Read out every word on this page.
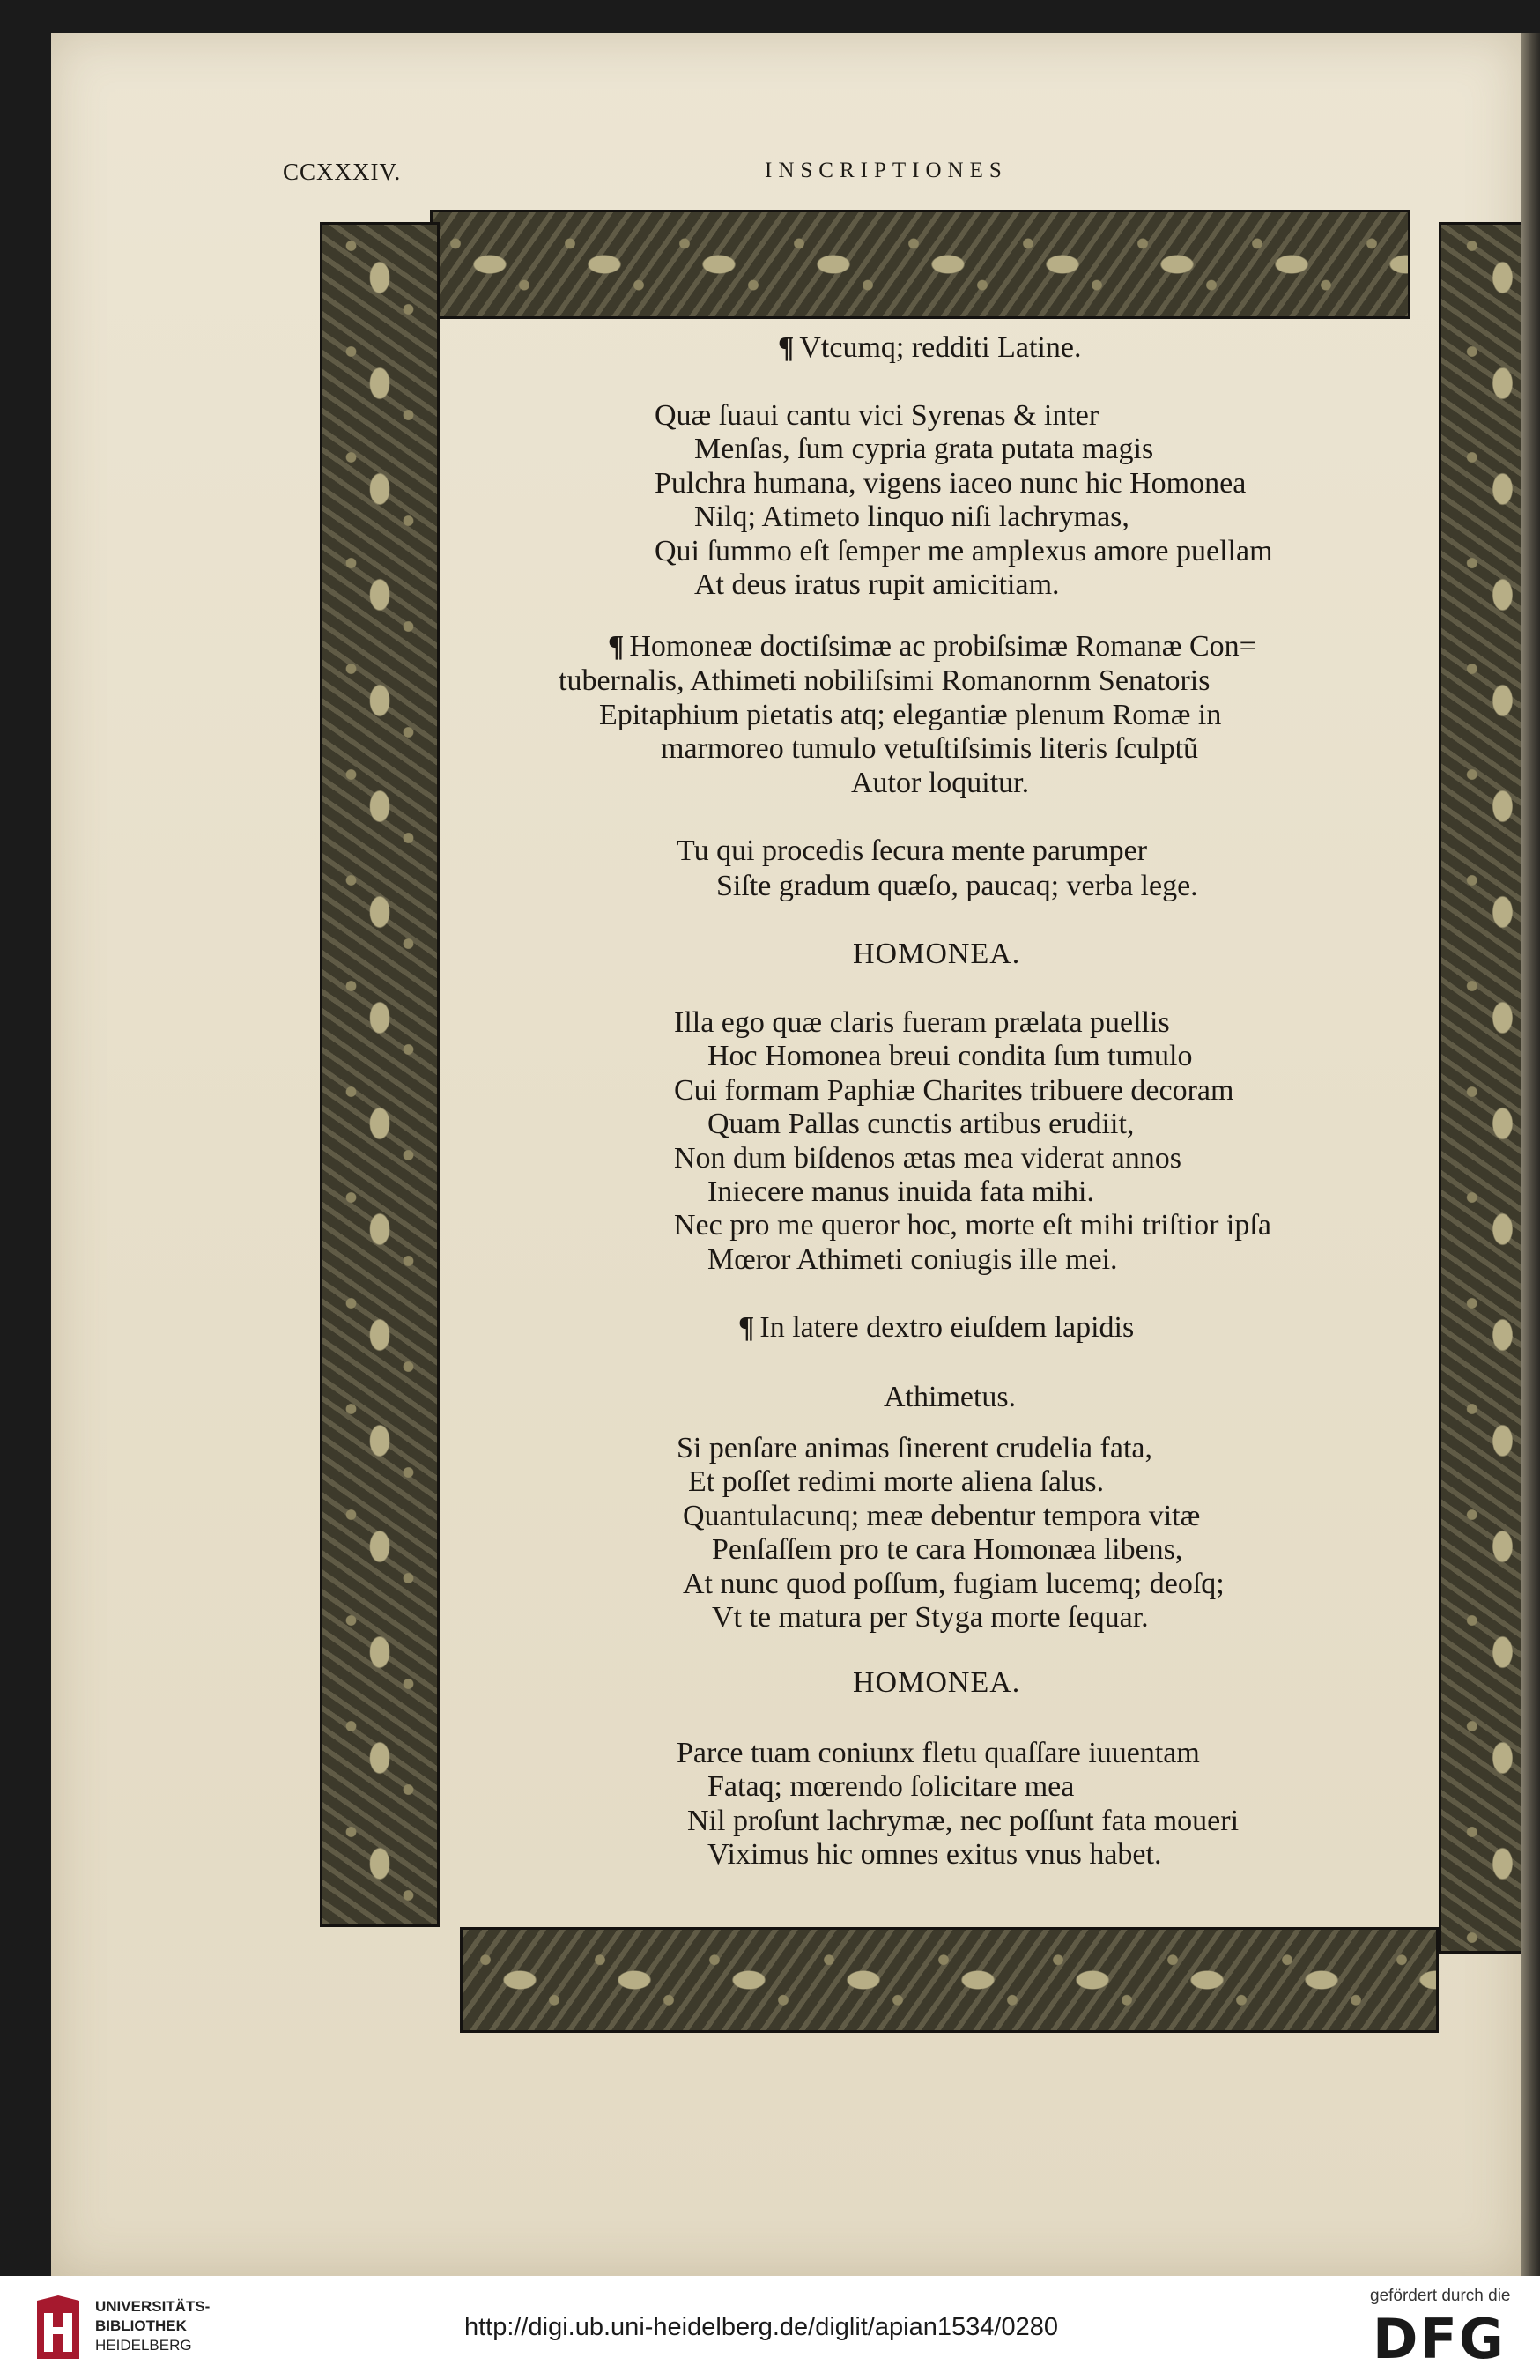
CCXXXIV.	INSCRIPTIONES
¶ Vtcumq; redditi Latine.
Quæ ſuaui cantu vici Syrenas & inter
Menſas, ſum cypria grata putata magis
Pulchra humana, vigens iaceo nunc hic Homonea
Nilq; Atimeto linquo niſi lachrymas,
Qui ſummo eſt ſemper me amplexus amore puellam
At deus iratus rupit amicitiam.
¶ Homoneæ doctiſsimæ ac probiſsimæ Romanæ Con=
tubernalis, Athimeti nobiliſsimi Romanornm Senatoris
Epitaphium pietatis atq; elegantiæ plenum Romæ in
marmoreo tumulo vetuſtiſsimis literis ſculptũ
Autor loquitur.
Tu qui procedis ſecura mente parumper
Siſte gradum quæſo, paucaq; verba lege.
HOMONEA.
Illa ego quæ claris fueram prælata puellis
Hoc Homonea breui condita ſum tumulo
Cui formam Paphiæ Charites tribuere decoram
Quam Pallas cunctis artibus erudiit,
Non dum biſdenos ætas mea viderat annos
Iniecere manus inuida fata mihi.
Nec pro me queror hoc, morte eſt mihi triſtior ipſa
Mœror Athimeti coniugis ille mei.
¶ In latere dextro eiuſdem lapidis
Athimetus.
Si penſare animas ſinerent crudelia fata,
Et poſſet redimi morte aliena ſalus.
Quantulacunq; meæ debentur tempora vitæ
Penſaſſem pro te cara Homonæa libens,
At nunc quod poſſum, fugiam lucemq; deoſq;
Vt te matura per Styga morte ſequar.
HOMONEA.
Parce tuam coniunx fletu quaſſare iuuentam
Fataq; mœrendo ſolicitare mea
Nil proſunt lachrymæ, nec poſſunt fata moueri
Viximus hic omnes exitus vnus habet.
UNIVERSITÄTS-
BIBLIOTHEK
HEIDELBERG
http://digi.ub.uni-heidelberg.de/diglit/apian1534/0280
gefördert durch die
DFG
